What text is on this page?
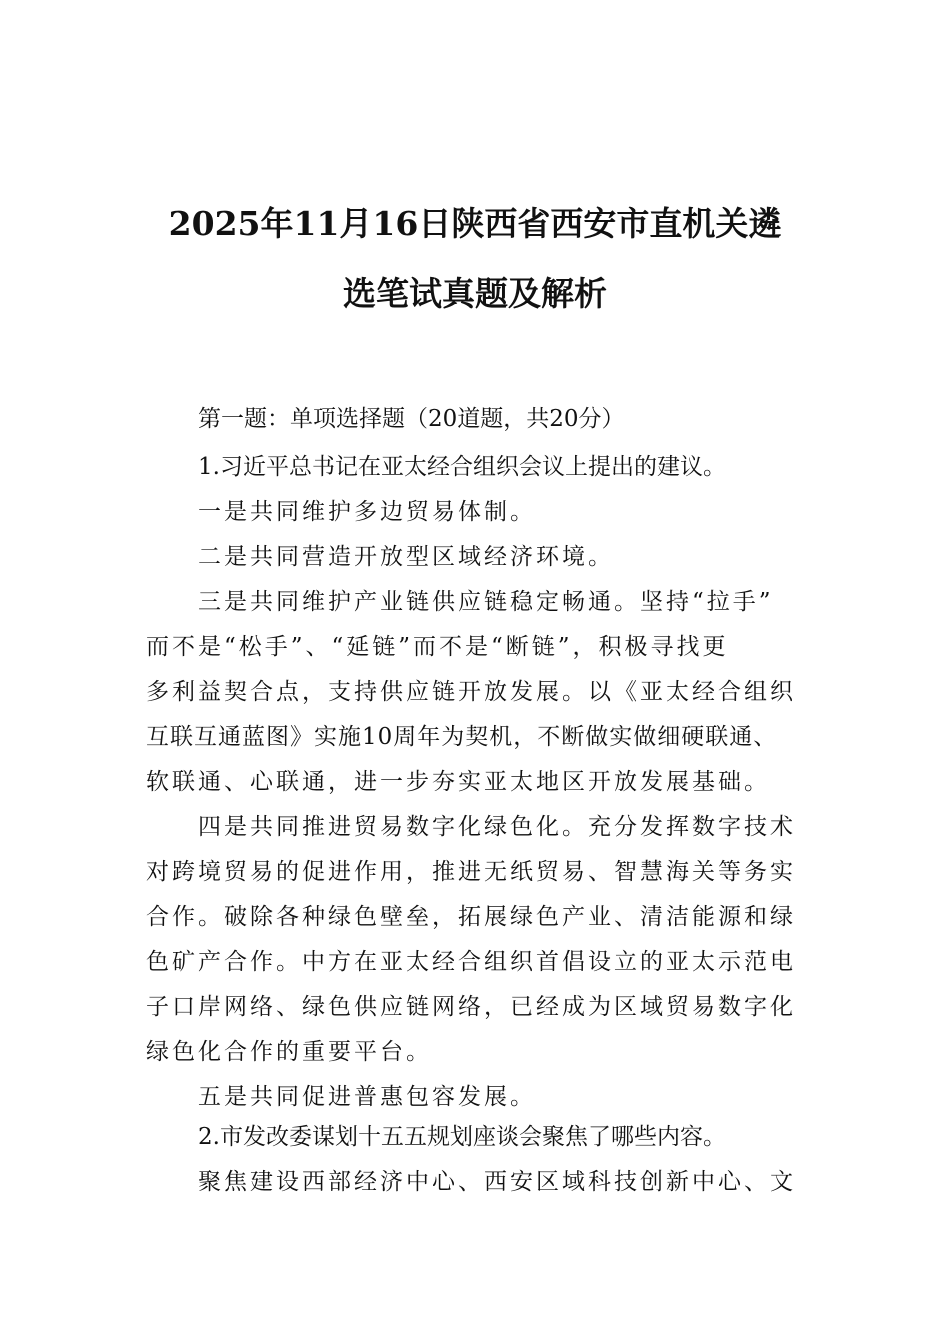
2025年11月16日陕西省西安市直机关遴
选笔试真题及解析
第一题：单项选择题（20道题，共20分）
1.习近平总书记在亚太经合组织会议上提出的建议。
一是共同维护多边贸易体制。
二是共同营造开放型区域经济环境。
三是共同维护产业链供应链稳定畅通。坚持“拉手”
而不是“松手”、“延链”而不是“断链”，积极寻找更
多利益契合点，支持供应链开放发展。以《亚太经合组织
互联互通蓝图》实施10周年为契机，不断做实做细硬联通、
软联通、心联通，进一步夯实亚太地区开放发展基础。
四是共同推进贸易数字化绿色化。充分发挥数字技术
对跨境贸易的促进作用，推进无纸贸易、智慧海关等务实
合作。破除各种绿色壁垒，拓展绿色产业、清洁能源和绿
色矿产合作。中方在亚太经合组织首倡设立的亚太示范电
子口岸网络、绿色供应链网络，已经成为区域贸易数字化
绿色化合作的重要平台。
五是共同促进普惠包容发展。
2.市发改委谋划十五五规划座谈会聚焦了哪些内容。
聚焦建设西部经济中心、西安区域科技创新中心、文
